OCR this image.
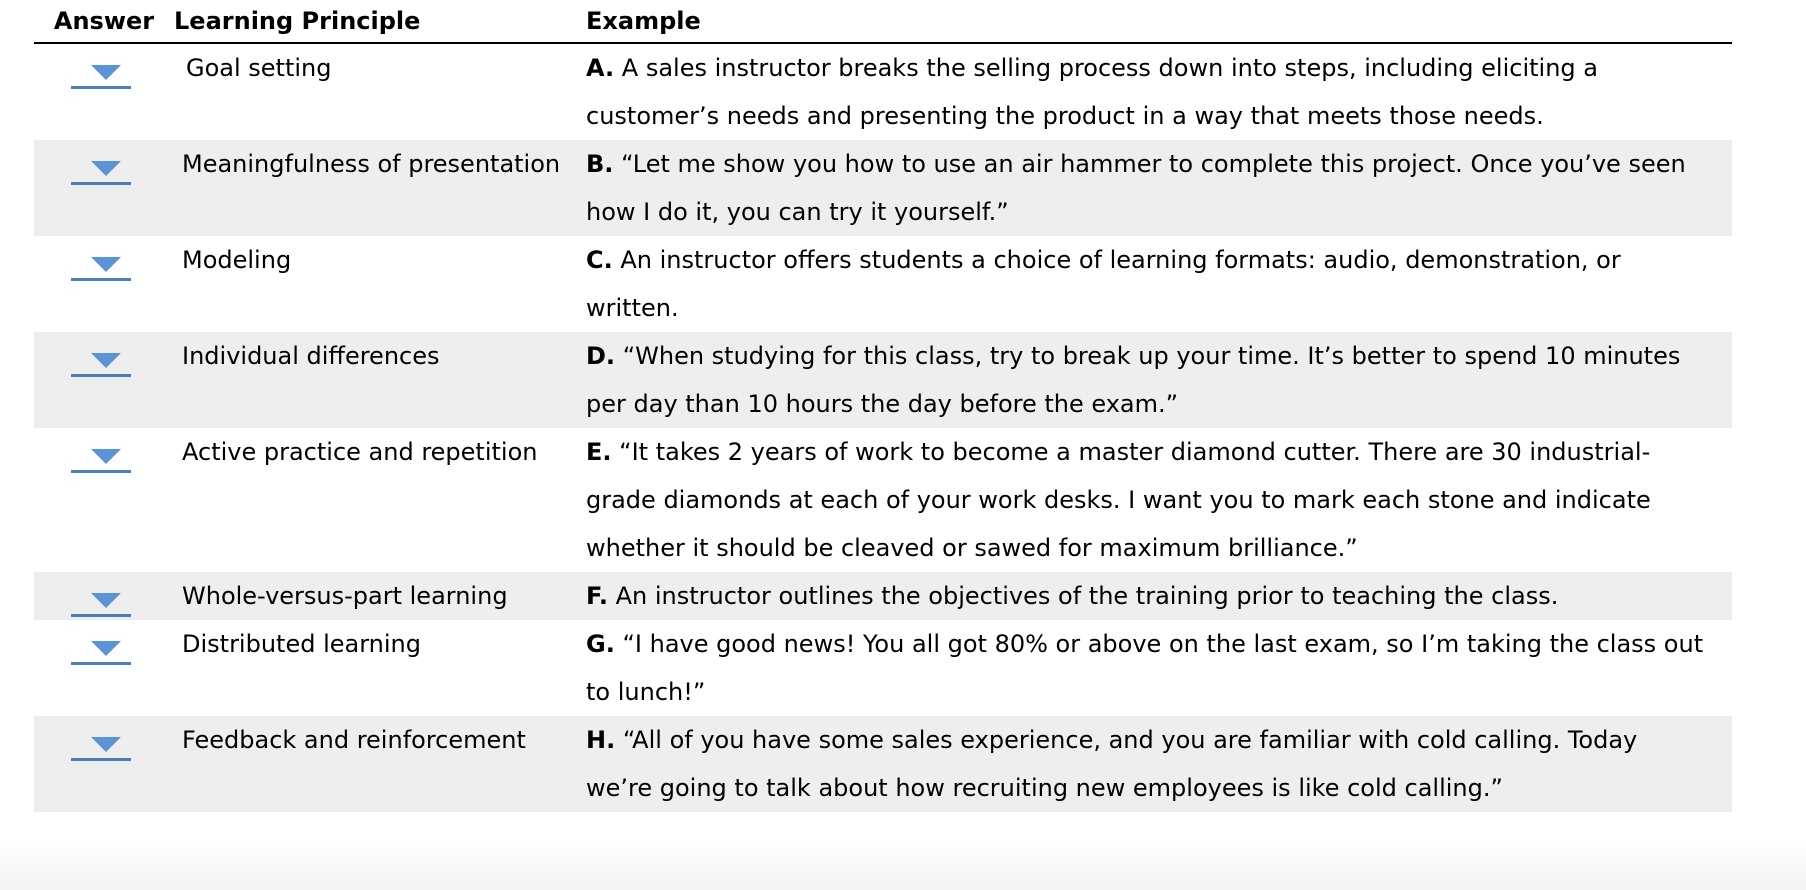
Answer	Learning Principle	Example

	Goal setting	A. A sales instructor breaks the selling process down into steps, including eliciting a customer’s needs and presenting the product in a way that meets those needs.

	Meaningfulness of presentation	B. “Let me show you how to use an air hammer to complete this project. Once you’ve seen how I do it, you can try it yourself.”

	Modeling	C. An instructor offers students a choice of learning formats: audio, demonstration, or written.

	Individual differences	D. “When studying for this class, try to break up your time. It’s better to spend 10 minutes per day than 10 hours the day before the exam.”

	Active practice and repetition	E. “It takes 2 years of work to become a master diamond cutter. There are 30 industrial-grade diamonds at each of your work desks. I want you to mark each stone and indicate whether it should be cleaved or sawed for maximum brilliance.”

	Whole-versus-part learning	F. An instructor outlines the objectives of the training prior to teaching the class.

	Distributed learning	G. “I have good news! You all got 80% or above on the last exam, so I’m taking the class out to lunch!”

	Feedback and reinforcement	H. “All of you have some sales experience, and you are familiar with cold calling. Today we’re going to talk about how recruiting new employees is like cold calling.”
